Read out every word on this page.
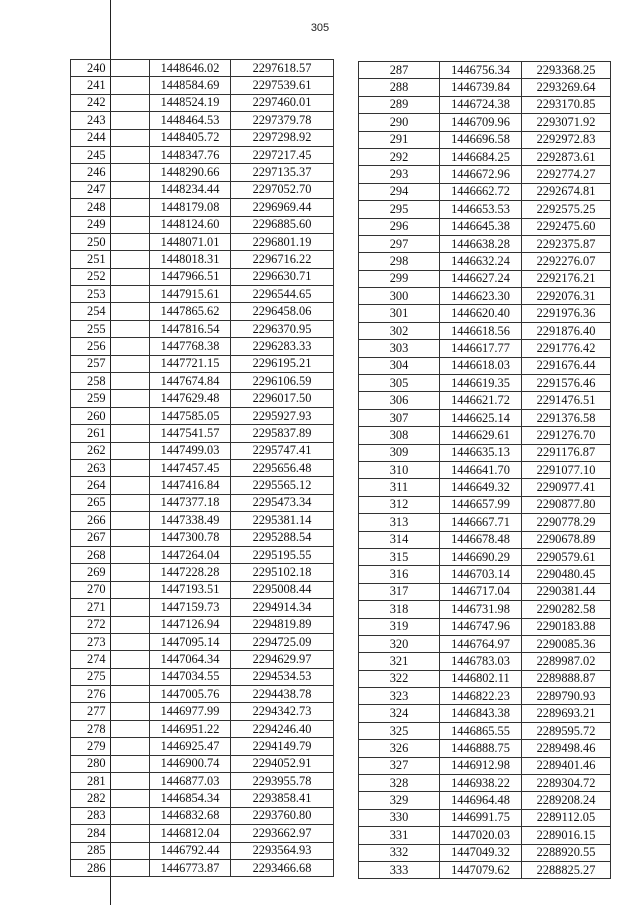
305
240	1448646.02	2297618.57
241	1448584.69	2297539.61
242	1448524.19	2297460.01
243	1448464.53	2297379.78
244	1448405.72	2297298.92
245	1448347.76	2297217.45
246	1448290.66	2297135.37
247	1448234.44	2297052.70
248	1448179.08	2296969.44
249	1448124.60	2296885.60
250	1448071.01	2296801.19
251	1448018.31	2296716.22
252	1447966.51	2296630.71
253	1447915.61	2296544.65
254	1447865.62	2296458.06
255	1447816.54	2296370.95
256	1447768.38	2296283.33
257	1447721.15	2296195.21
258	1447674.84	2296106.59
259	1447629.48	2296017.50
260	1447585.05	2295927.93
261	1447541.57	2295837.89
262	1447499.03	2295747.41
263	1447457.45	2295656.48
264	1447416.84	2295565.12
265	1447377.18	2295473.34
266	1447338.49	2295381.14
267	1447300.78	2295288.54
268	1447264.04	2295195.55
269	1447228.28	2295102.18
270	1447193.51	2295008.44
271	1447159.73	2294914.34
272	1447126.94	2294819.89
273	1447095.14	2294725.09
274	1447064.34	2294629.97
275	1447034.55	2294534.53
276	1447005.76	2294438.78
277	1446977.99	2294342.73
278	1446951.22	2294246.40
279	1446925.47	2294149.79
280	1446900.74	2294052.91
281	1446877.03	2293955.78
282	1446854.34	2293858.41
283	1446832.68	2293760.80
284	1446812.04	2293662.97
285	1446792.44	2293564.93
286	1446773.87	2293466.68
287	1446756.34	2293368.25
288	1446739.84	2293269.64
289	1446724.38	2293170.85
290	1446709.96	2293071.92
291	1446696.58	2292972.83
292	1446684.25	2292873.61
293	1446672.96	2292774.27
294	1446662.72	2292674.81
295	1446653.53	2292575.25
296	1446645.38	2292475.60
297	1446638.28	2292375.87
298	1446632.24	2292276.07
299	1446627.24	2292176.21
300	1446623.30	2292076.31
301	1446620.40	2291976.36
302	1446618.56	2291876.40
303	1446617.77	2291776.42
304	1446618.03	2291676.44
305	1446619.35	2291576.46
306	1446621.72	2291476.51
307	1446625.14	2291376.58
308	1446629.61	2291276.70
309	1446635.13	2291176.87
310	1446641.70	2291077.10
311	1446649.32	2290977.41
312	1446657.99	2290877.80
313	1446667.71	2290778.29
314	1446678.48	2290678.89
315	1446690.29	2290579.61
316	1446703.14	2290480.45
317	1446717.04	2290381.44
318	1446731.98	2290282.58
319	1446747.96	2290183.88
320	1446764.97	2290085.36
321	1446783.03	2289987.02
322	1446802.11	2289888.87
323	1446822.23	2289790.93
324	1446843.38	2289693.21
325	1446865.55	2289595.72
326	1446888.75	2289498.46
327	1446912.98	2289401.46
328	1446938.22	2289304.72
329	1446964.48	2289208.24
330	1446991.75	2289112.05
331	1447020.03	2289016.15
332	1447049.32	2288920.55
333	1447079.62	2288825.27
